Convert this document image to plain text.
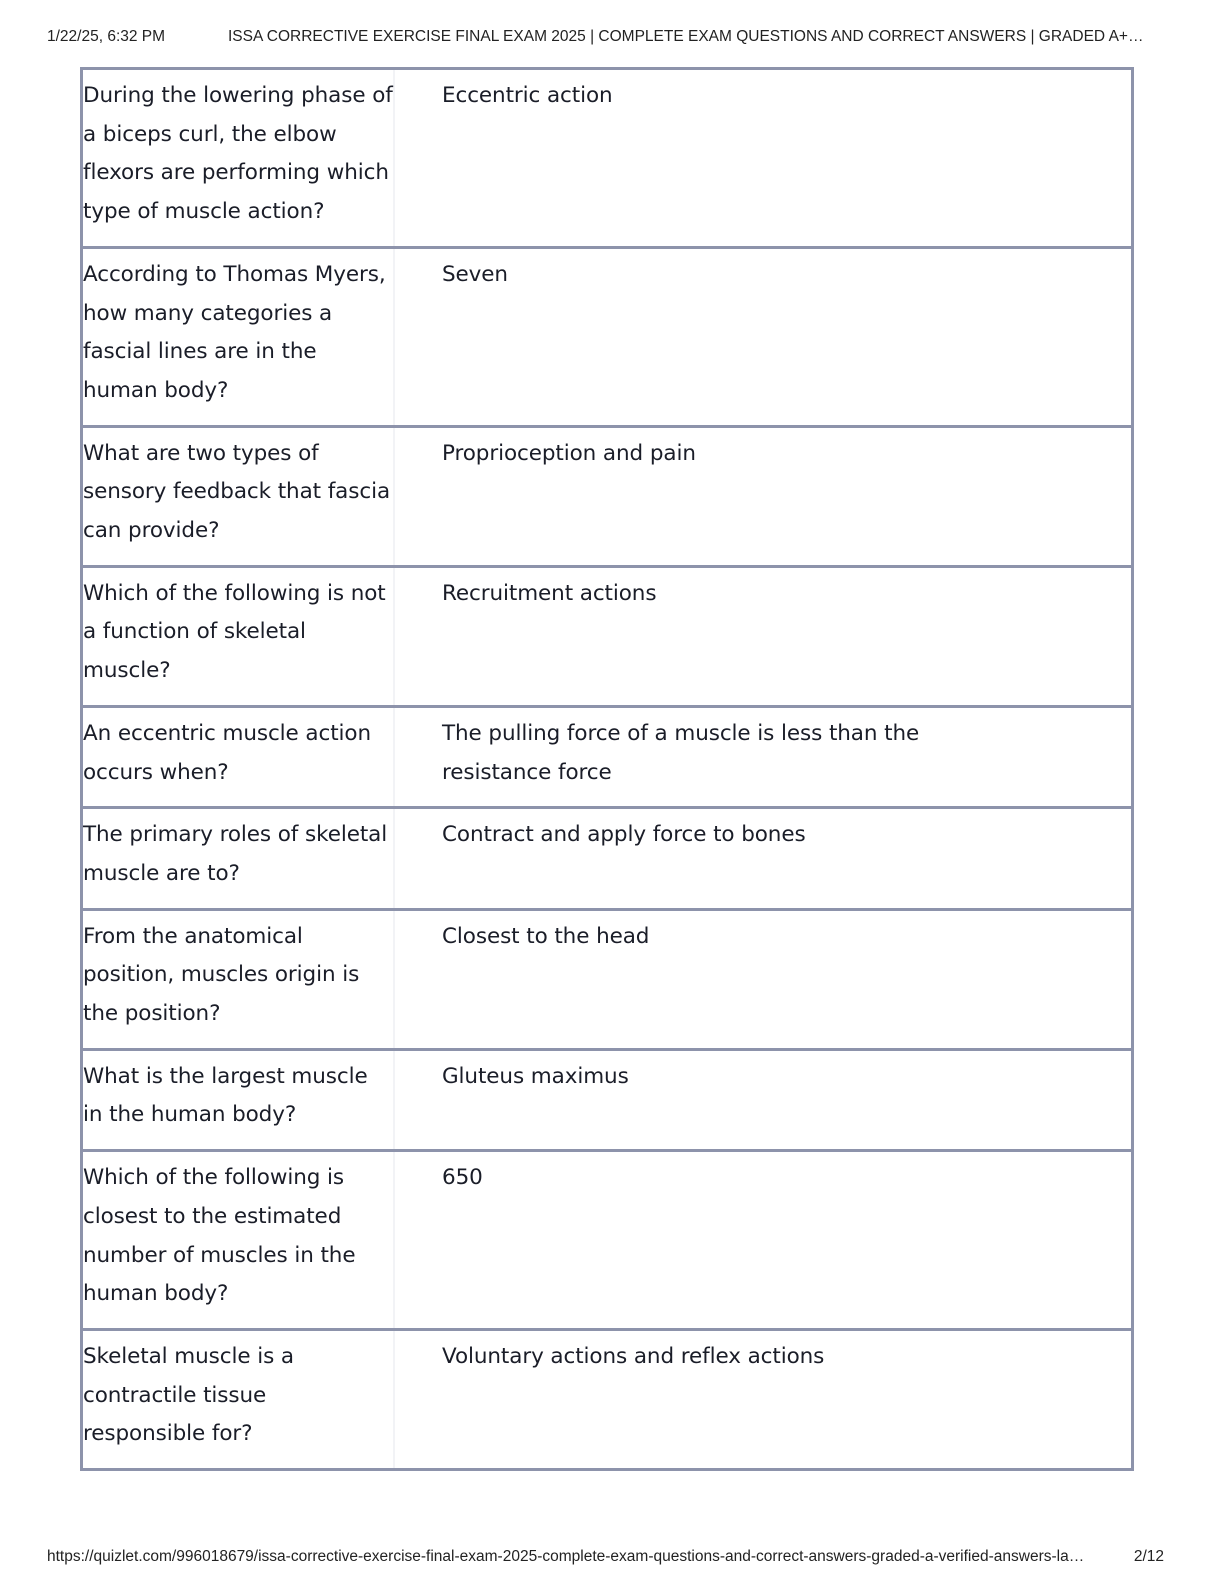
1/22/25, 6:32 PM	ISSA CORRECTIVE EXERCISE FINAL EXAM 2025 | COMPLETE EXAM QUESTIONS AND CORRECT ANSWERS | GRADED A+…
During the lowering phase of a biceps curl, the elbow flexors are performing which type of muscle action?
Eccentric action
According to Thomas Myers, how many categories a fascial lines are in the human body?
Seven
What are two types of sensory feedback that fascia can provide?
Proprioception and pain
Which of the following is not a function of skeletal muscle?
Recruitment actions
An eccentric muscle action occurs when?
The pulling force of a muscle is less than the resistance force
The primary roles of skeletal muscle are to?
Contract and apply force to bones
From the anatomical position, muscles origin is the position?
Closest to the head
What is the largest muscle in the human body?
Gluteus maximus
Which of the following is closest to the estimated number of muscles in the human body?
650
Skeletal muscle is a contractile tissue responsible for?
Voluntary actions and reflex actions
https://quizlet.com/996018679/issa-corrective-exercise-final-exam-2025-complete-exam-questions-and-correct-answers-graded-a-verified-answers-la…	2/12
